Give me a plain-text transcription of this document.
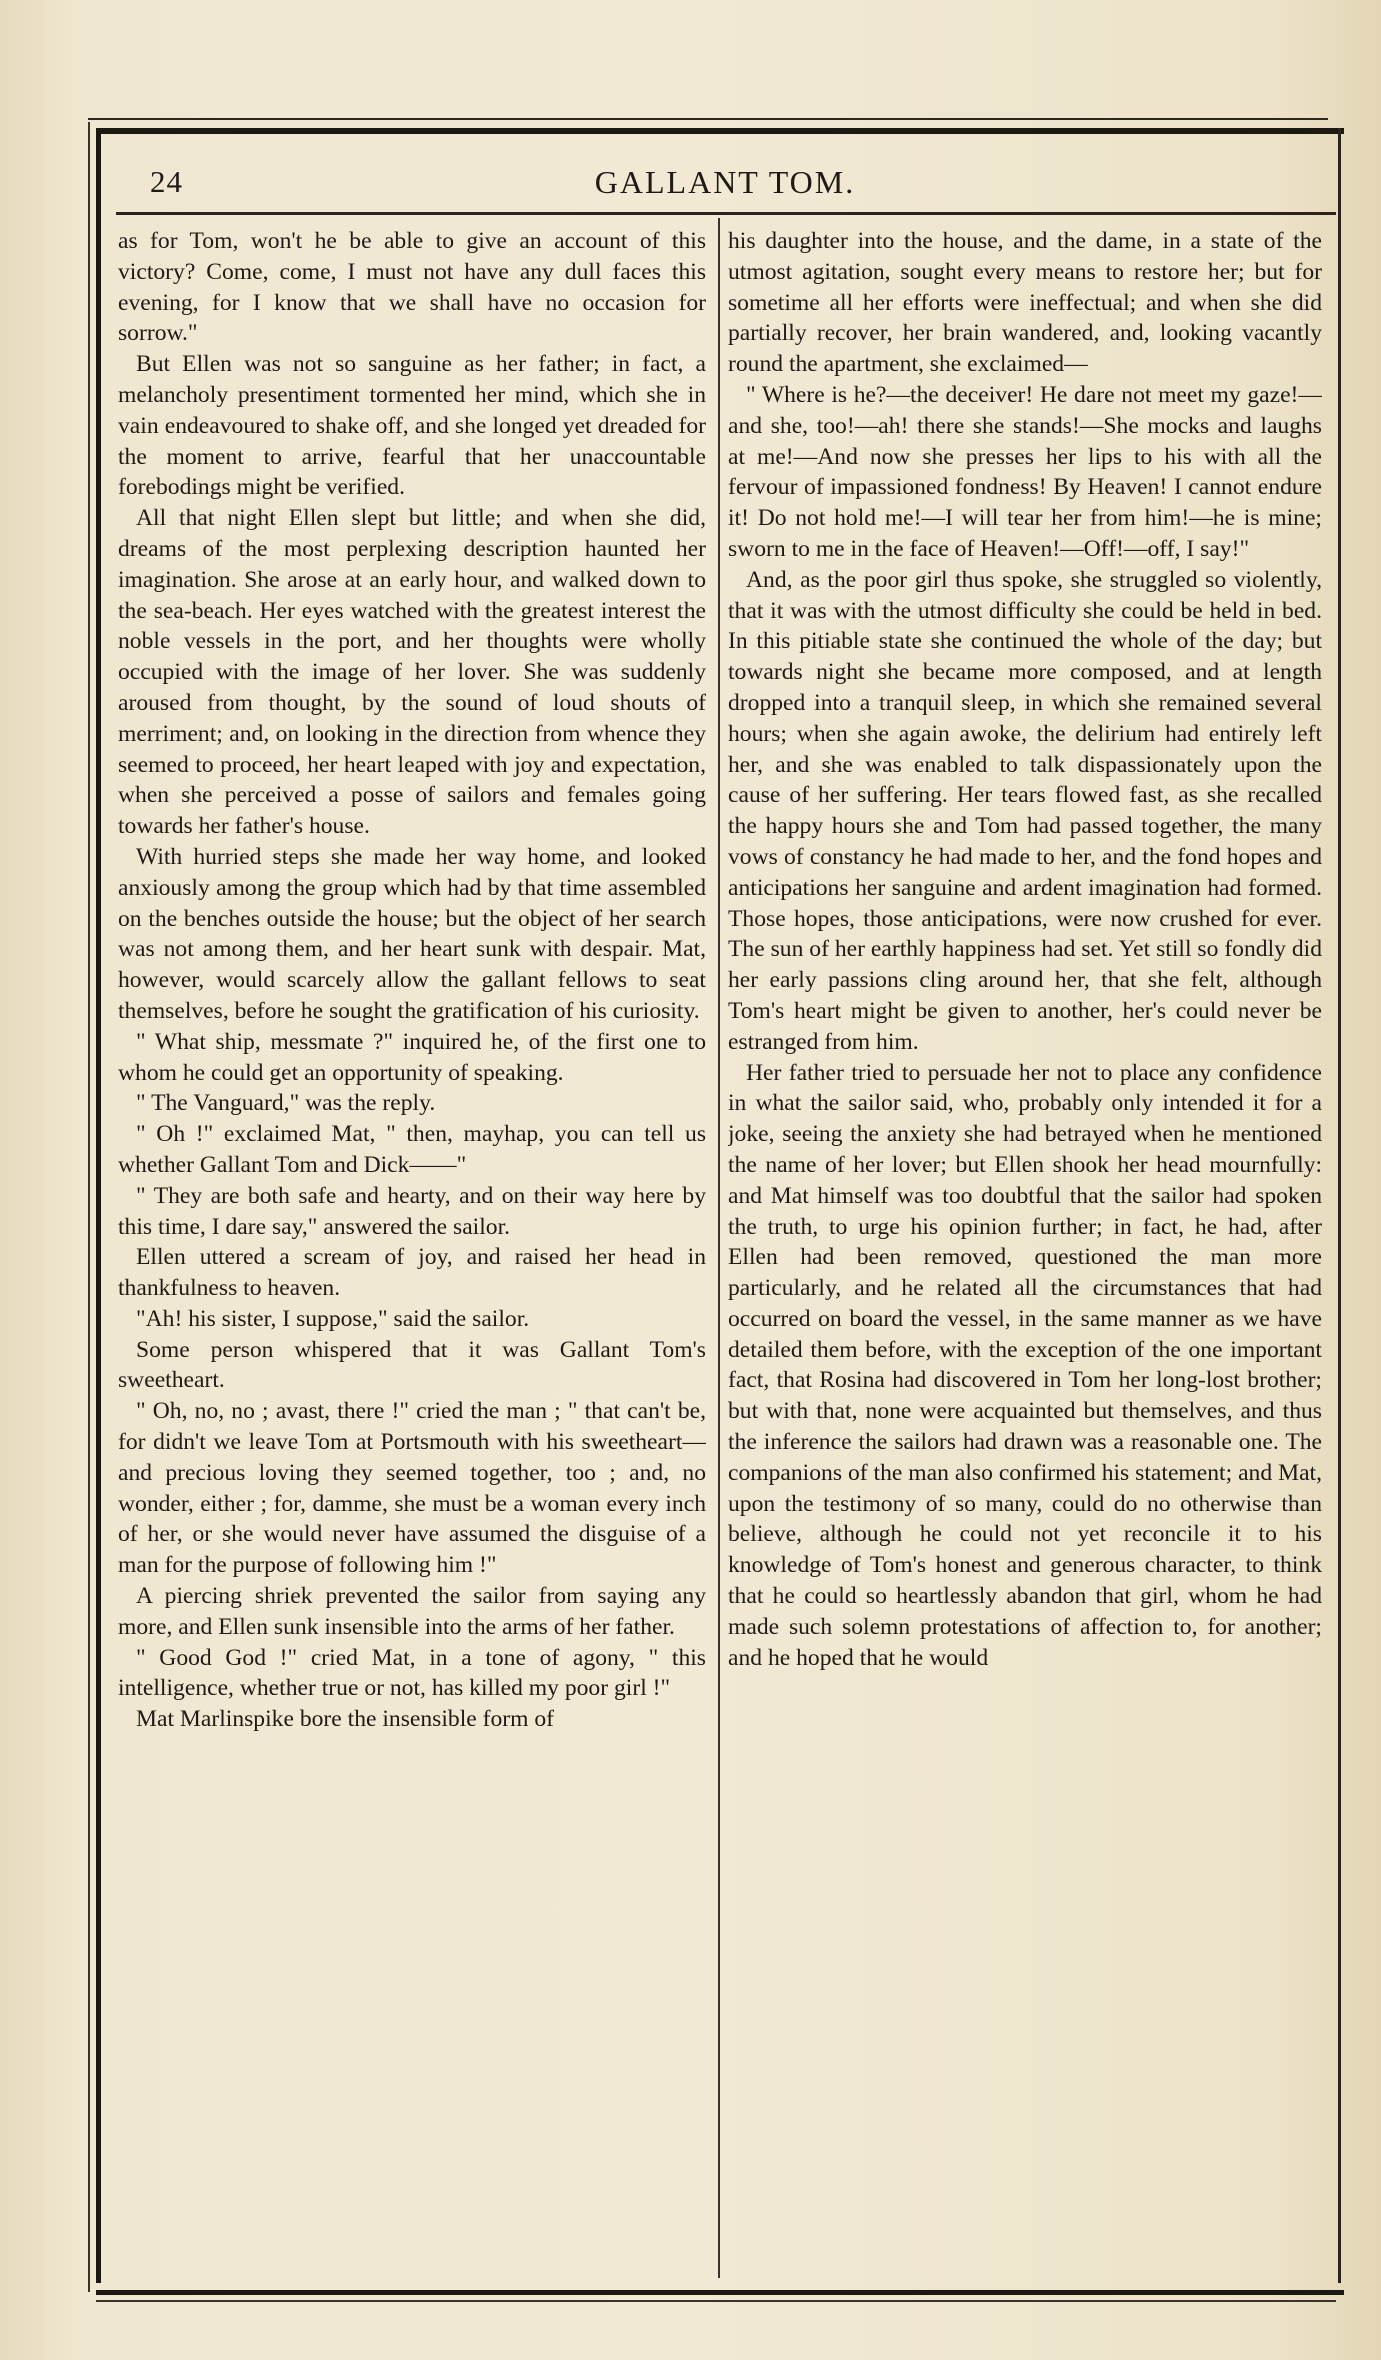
24	GALLANT TOM.

as for Tom, won't he be able to give an account of this victory? Come, come, I must not have any dull faces this evening, for I know that we shall have no occasion for sorrow."

But Ellen was not so sanguine as her father; in fact, a melancholy presentiment tormented her mind, which she in vain endeavoured to shake off, and she longed yet dreaded for the moment to arrive, fearful that her unaccountable forebodings might be verified.

All that night Ellen slept but little; and when she did, dreams of the most perplexing description haunted her imagination. She arose at an early hour, and walked down to the sea-beach. Her eyes watched with the greatest interest the noble vessels in the port, and her thoughts were wholly occupied with the image of her lover. She was suddenly aroused from thought, by the sound of loud shouts of merriment; and, on looking in the direction from whence they seemed to proceed, her heart leaped with joy and expectation, when she perceived a posse of sailors and females going towards her father's house.

With hurried steps she made her way home, and looked anxiously among the group which had by that time assembled on the benches outside the house; but the object of her search was not among them, and her heart sunk with despair. Mat, however, would scarcely allow the gallant fellows to seat themselves, before he sought the gratification of his curiosity.

" What ship, messmate ?" inquired he, of the first one to whom he could get an opportunity of speaking.

" The Vanguard," was the reply.

" Oh !" exclaimed Mat, " then, mayhap, you can tell us whether Gallant Tom and Dick——"

" They are both safe and hearty, and on their way here by this time, I dare say," answered the sailor.

Ellen uttered a scream of joy, and raised her head in thankfulness to heaven.

"Ah! his sister, I suppose," said the sailor.

Some person whispered that it was Gallant Tom's sweetheart.

" Oh, no, no ; avast, there !" cried the man ; " that can't be, for didn't we leave Tom at Portsmouth with his sweetheart—and precious loving they seemed together, too ; and, no wonder, either ; for, damme, she must be a woman every inch of her, or she would never have assumed the disguise of a man for the purpose of following him !"

A piercing shriek prevented the sailor from saying any more, and Ellen sunk insensible into the arms of her father.

" Good God !" cried Mat, in a tone of agony, " this intelligence, whether true or not, has killed my poor girl !"

Mat Marlinspike bore the insensible form of

his daughter into the house, and the dame, in a state of the utmost agitation, sought every means to restore her; but for sometime all her efforts were ineffectual; and when she did partially recover, her brain wandered, and, looking vacantly round the apartment, she exclaimed—

" Where is he?—the deceiver! He dare not meet my gaze!—and she, too!—ah! there she stands!—She mocks and laughs at me!—And now she presses her lips to his with all the fervour of impassioned fondness! By Heaven! I cannot endure it! Do not hold me!—I will tear her from him!—he is mine; sworn to me in the face of Heaven!—Off!—off, I say!"

And, as the poor girl thus spoke, she struggled so violently, that it was with the utmost difficulty she could be held in bed. In this pitiable state she continued the whole of the day; but towards night she became more composed, and at length dropped into a tranquil sleep, in which she remained several hours; when she again awoke, the delirium had entirely left her, and she was enabled to talk dispassionately upon the cause of her suffering. Her tears flowed fast, as she recalled the happy hours she and Tom had passed together, the many vows of constancy he had made to her, and the fond hopes and anticipations her sanguine and ardent imagination had formed. Those hopes, those anticipations, were now crushed for ever. The sun of her earthly happiness had set. Yet still so fondly did her early passions cling around her, that she felt, although Tom's heart might be given to another, her's could never be estranged from him.

Her father tried to persuade her not to place any confidence in what the sailor said, who, probably only intended it for a joke, seeing the anxiety she had betrayed when he mentioned the name of her lover; but Ellen shook her head mournfully: and Mat himself was too doubtful that the sailor had spoken the truth, to urge his opinion further; in fact, he had, after Ellen had been removed, questioned the man more particularly, and he related all the circumstances that had occurred on board the vessel, in the same manner as we have detailed them before, with the exception of the one important fact, that Rosina had discovered in Tom her long-lost brother; but with that, none were acquainted but themselves, and thus the inference the sailors had drawn was a reasonable one. The companions of the man also confirmed his statement; and Mat, upon the testimony of so many, could do no otherwise than believe, although he could not yet reconcile it to his knowledge of Tom's honest and generous character, to think that he could so heartlessly abandon that girl, whom he had made such solemn protestations of affection to, for another; and he hoped that he would
